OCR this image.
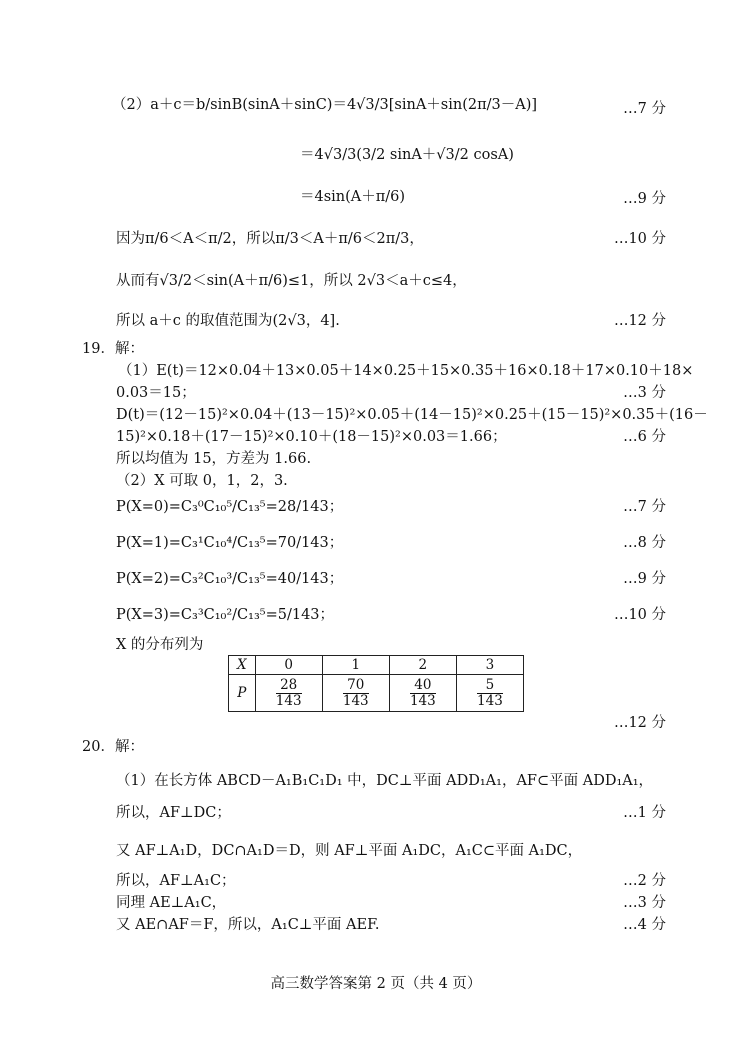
（2）a＋c＝b/sinB(sinA＋sinC)＝4√3/3[sinA＋sin(2π/3－A)]	…7 分
＝4√3/3(3/2 sinA＋√3/2 cosA)
＝4sin(A＋π/6)	…9 分
因为π/6＜A＜π/2，所以π/3＜A＋π/6＜2π/3，	…10 分
从而有√3/2＜sin(A＋π/6)≤1，所以 2√3＜a＋c≤4，
所以 a＋c 的取值范围为(2√3，4].	…12 分
19．解：
（1）E(t)＝12×0.04＋13×0.05＋14×0.25＋15×0.35＋16×0.18＋17×0.10＋18×
0.03＝15；	…3 分
D(t)＝(12－15)²×0.04＋(13－15)²×0.05＋(14－15)²×0.25＋(15－15)²×0.35＋(16－
15)²×0.18＋(17－15)²×0.10＋(18－15)²×0.03＝1.66；	…6 分
所以均值为 15，方差为 1.66.
（2）X 可取 0，1，2，3.
P(X=0)=C₃⁰C₁₀⁵/C₁₃⁵=28/143；	…7 分
P(X=1)=C₃¹C₁₀⁴/C₁₃⁵=70/143；	…8 分
P(X=2)=C₃²C₁₀³/C₁₃⁵=40/143；	…9 分
P(X=3)=C₃³C₁₀²/C₁₃⁵=5/143；	…10 分
X 的分布列为
X	0	1	2	3
P	$\frac{28}{143}$	$\frac{70}{143}$	$\frac{40}{143}$	$\frac{5}{143}$
…12 分
20．解：
（1）在长方体 ABCD－A₁B₁C₁D₁ 中，DC⊥平面 ADD₁A₁，AF⊂平面 ADD₁A₁，
所以，AF⊥DC；	…1 分
又 AF⊥A₁D，DC∩A₁D＝D，则 AF⊥平面 A₁DC，A₁C⊂平面 A₁DC，
所以，AF⊥A₁C；	…2 分
同理 AE⊥A₁C，	…3 分
又 AE∩AF＝F，所以，A₁C⊥平面 AEF.	…4 分
高三数学答案第 2 页（共 4 页）
